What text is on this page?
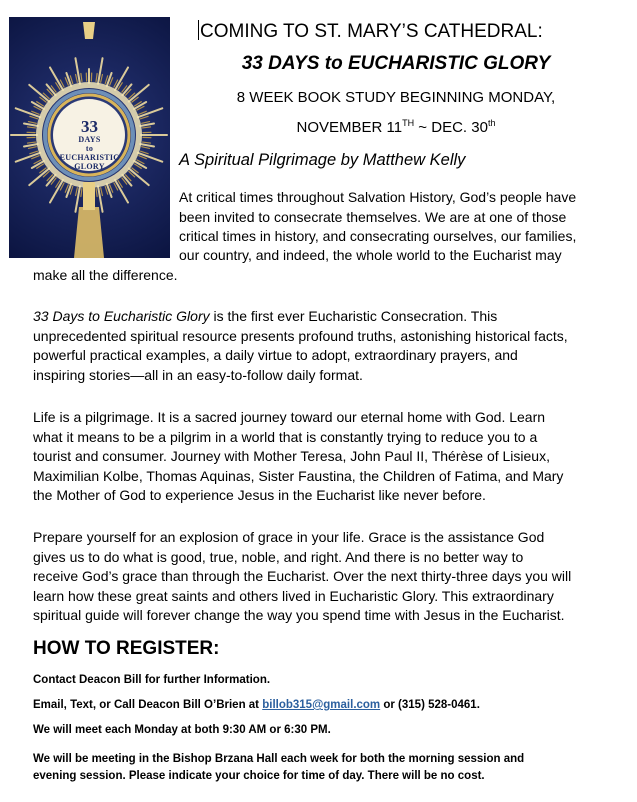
33
DAYS
to
EUCHARISTIC
GLORY
COMING TO ST. MARY’S CATHEDRAL:
33 DAYS to EUCHARISTIC GLORY
8 WEEK BOOK STUDY BEGINNING MONDAY,
NOVEMBER 11TH ~ DEC. 30th
A Spiritual Pilgrimage by Matthew Kelly

At critical times throughout Salvation History, God’s people have
been invited to consecrate themselves. We are at one of those
critical times in history, and consecrating ourselves, our families,

our country, and indeed, the whole world to the Eucharist may
make all the difference.

33 Days to Eucharistic Glory is the first ever Eucharistic Consecration. This
unprecedented spiritual resource presents profound truths, astonishing historical facts,
powerful practical examples, a daily virtue to adopt, extraordinary prayers, and
inspiring stories—all in an easy-to-follow daily format.

Life is a pilgrimage. It is a sacred journey toward our eternal home with God. Learn
what it means to be a pilgrim in a world that is constantly trying to reduce you to a
tourist and consumer. Journey with Mother Teresa, John Paul II, Thérèse of Lisieux,
Maximilian Kolbe, Thomas Aquinas, Sister Faustina, the Children of Fatima, and Mary
the Mother of God to experience Jesus in the Eucharist like never before.

Prepare yourself for an explosion of grace in your life. Grace is the assistance God
gives us to do what is good, true, noble, and right. And there is no better way to
receive God’s grace than through the Eucharist. Over the next thirty-three days you will
learn how these great saints and others lived in Eucharistic Glory. This extraordinary
spiritual guide will forever change the way you spend time with Jesus in the Eucharist.

HOW TO REGISTER:
Contact Deacon Bill for further Information.
Email, Text, or Call Deacon Bill O’Brien at billob315@gmail.com or (315) 528-0461.
We will meet each Monday at both 9:30 AM or 6:30 PM.
We will be meeting in the Bishop Brzana Hall each week for both the morning session and
evening session. Please indicate your choice for time of day. There will be no cost.
